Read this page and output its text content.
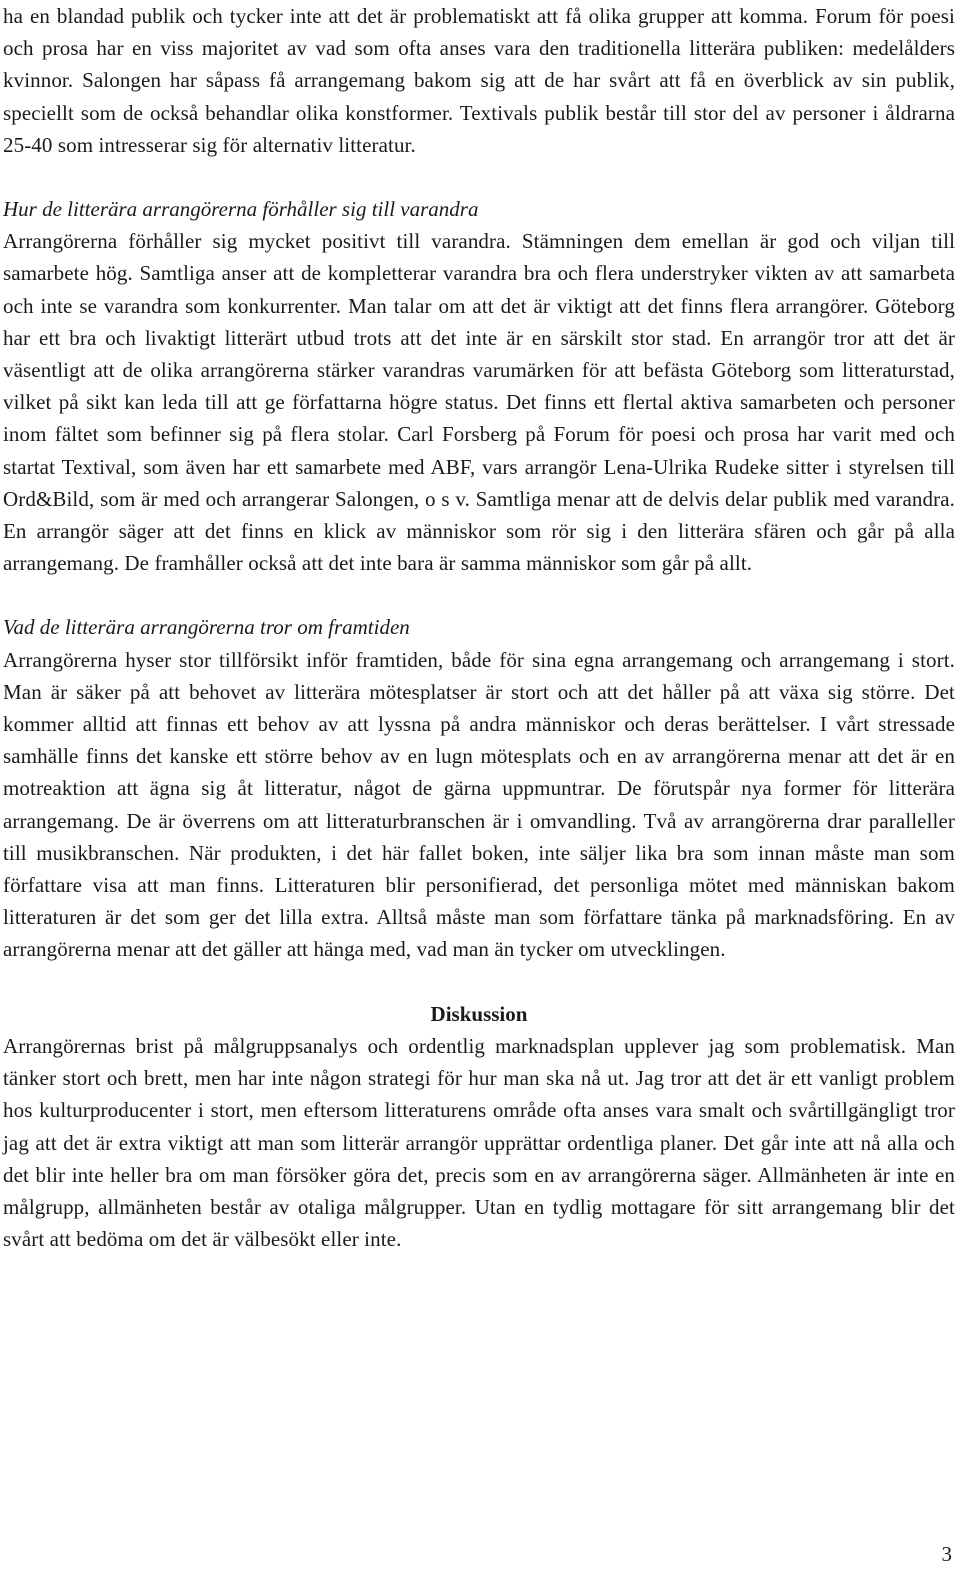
ha en blandad publik och tycker inte att det är problematiskt att få olika grupper att komma. Forum för poesi och prosa har en viss majoritet av vad som ofta anses vara den traditionella litterära publiken: medelålders kvinnor. Salongen har såpass få arrangemang bakom sig att de har svårt att få en överblick av sin publik, speciellt som de också behandlar olika konstformer. Textivals publik består till stor del av personer i åldrarna 25-40 som intresserar sig för alternativ litteratur.

Hur de litterära arrangörerna förhåller sig till varandra

Arrangörerna förhåller sig mycket positivt till varandra. Stämningen dem emellan är god och viljan till samarbete hög. Samtliga anser att de kompletterar varandra bra och flera understryker vikten av att samarbeta och inte se varandra som konkurrenter. Man talar om att det är viktigt att det finns flera arrangörer. Göteborg har ett bra och livaktigt litterärt utbud trots att det inte är en särskilt stor stad. En arrangör tror att det är väsentligt att de olika arrangörerna stärker varandras varumärken för att befästa Göteborg som litteraturstad, vilket på sikt kan leda till att ge författarna högre status. Det finns ett flertal aktiva samarbeten och personer inom fältet som befinner sig på flera stolar. Carl Forsberg på Forum för poesi och prosa har varit med och startat Textival, som även har ett samarbete med ABF, vars arrangör Lena-Ulrika Rudeke sitter i styrelsen till Ord&Bild, som är med och arrangerar Salongen, o s v. Samtliga menar att de delvis delar publik med varandra. En arrangör säger att det finns en klick av människor som rör sig i den litterära sfären och går på alla arrangemang. De framhåller också att det inte bara är samma människor som går på allt.

Vad de litterära arrangörerna tror om framtiden

Arrangörerna hyser stor tillförsikt inför framtiden, både för sina egna arrangemang och arrangemang i stort. Man är säker på att behovet av litterära mötesplatser är stort och att det håller på att växa sig större. Det kommer alltid att finnas ett behov av att lyssna på andra människor och deras berättelser. I vårt stressade samhälle finns det kanske ett större behov av en lugn mötesplats och en av arrangörerna menar att det är en motreaktion att ägna sig åt litteratur, något de gärna uppmuntrar. De förutspår nya former för litterära arrangemang. De är överrens om att litteraturbranschen är i omvandling. Två av arrangörerna drar paralleller till musikbranschen. När produkten, i det här fallet boken, inte säljer lika bra som innan måste man som författare visa att man finns. Litteraturen blir personifierad, det personliga mötet med människan bakom litteraturen är det som ger det lilla extra. Alltså måste man som författare tänka på marknadsföring. En av arrangörerna menar att det gäller att hänga med, vad man än tycker om utvecklingen.

Diskussion

Arrangörernas brist på målgruppsanalys och ordentlig marknadsplan upplever jag som problematisk. Man tänker stort och brett, men har inte någon strategi för hur man ska nå ut. Jag tror att det är ett vanligt problem hos kulturproducenter i stort, men eftersom litteraturens område ofta anses vara smalt och svårtillgängligt tror jag att det är extra viktigt att man som litterär arrangör upprättar ordentliga planer. Det går inte att nå alla och det blir inte heller bra om man försöker göra det, precis som en av arrangörerna säger. Allmänheten är inte en målgrupp, allmänheten består av otaliga målgrupper. Utan en tydlig mottagare för sitt arrangemang blir det svårt att bedöma om det är välbesökt eller inte.

3
